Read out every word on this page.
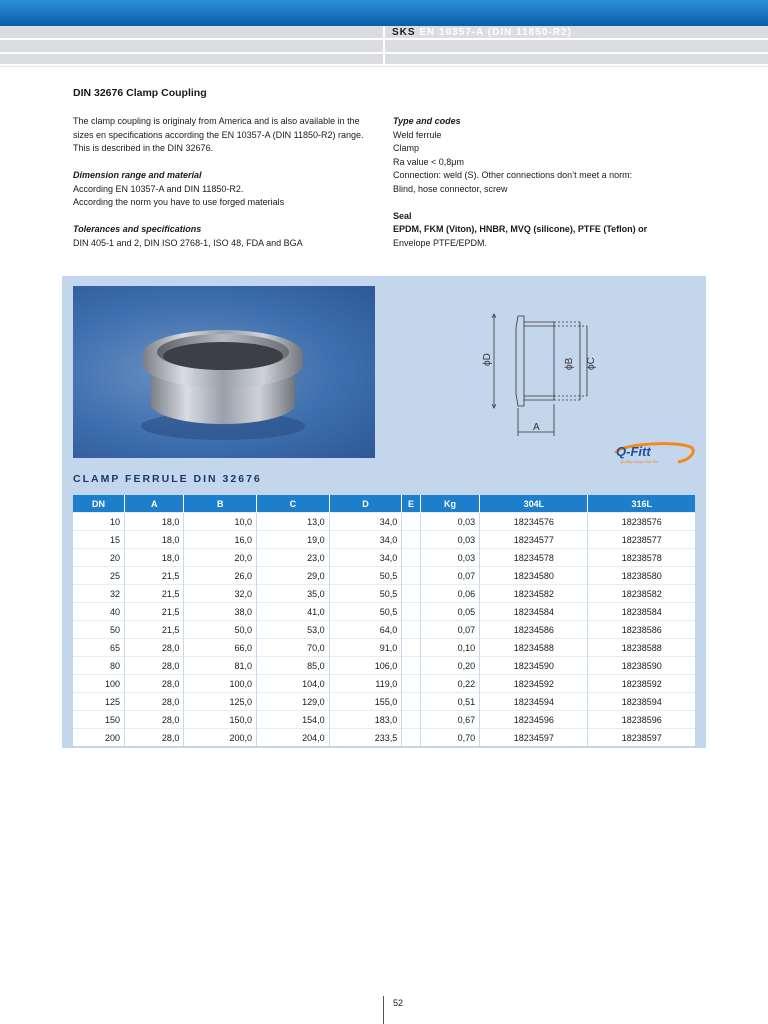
SKS EN 10357-A (DIN 11850-R2)
DIN 32676 Clamp Coupling

The clamp coupling is originaly from America and is also available in the sizes en specifications according the EN 10357-A (DIN 11850-R2) range. This is described in the DIN 32676.

Dimension range and material

According EN 10357-A and DIN 11850-R2.

According the norm you have to use forged materials

Tolerances and specifications

DIN 405-1 and 2, DIN ISO 2768-1, ISO 48, FDA and BGA

Type and codes

Weld ferrule

Clamp

Ra value < 0,8μm

Connection: weld (S). Other connections don’t meet a norm:

Blind, hose connector, screw

Seal

EPDM, FKM (Viton), HNBR, MVQ (silicone), PTFE (Teflon) or

Envelope PTFE/EPDM.

ϕD	ϕB ϕC
A
Q-Fitt
Quality range that fits
CLAMP FERRULE DIN 32676
DN	A	B	C	D	E	Kg	304L	316L
10	18,0	10,0	13,0	34,0		0,03	18234576	18238576
15	18,0	16,0	19,0	34,0		0,03	18234577	18238577
20	18,0	20,0	23,0	34,0		0,03	18234578	18238578
25	21,5	26,0	29,0	50,5		0,07	18234580	18238580
32	21,5	32,0	35,0	50,5		0,06	18234582	18238582
40	21,5	38,0	41,0	50,5		0,05	18234584	18238584
50	21,5	50,0	53,0	64,0		0,07	18234586	18238586
65	28,0	66,0	70,0	91,0		0,10	18234588	18238588
80	28,0	81,0	85,0	106,0		0,20	18234590	18238590
100	28,0	100,0	104,0	119,0		0,22	18234592	18238592
125	28,0	125,0	129,0	155,0		0,51	18234594	18238594
150	28,0	150,0	154,0	183,0		0,67	18234596	18238596
200	28,0	200,0	204,0	233,5		0,70	18234597	18238597
52
